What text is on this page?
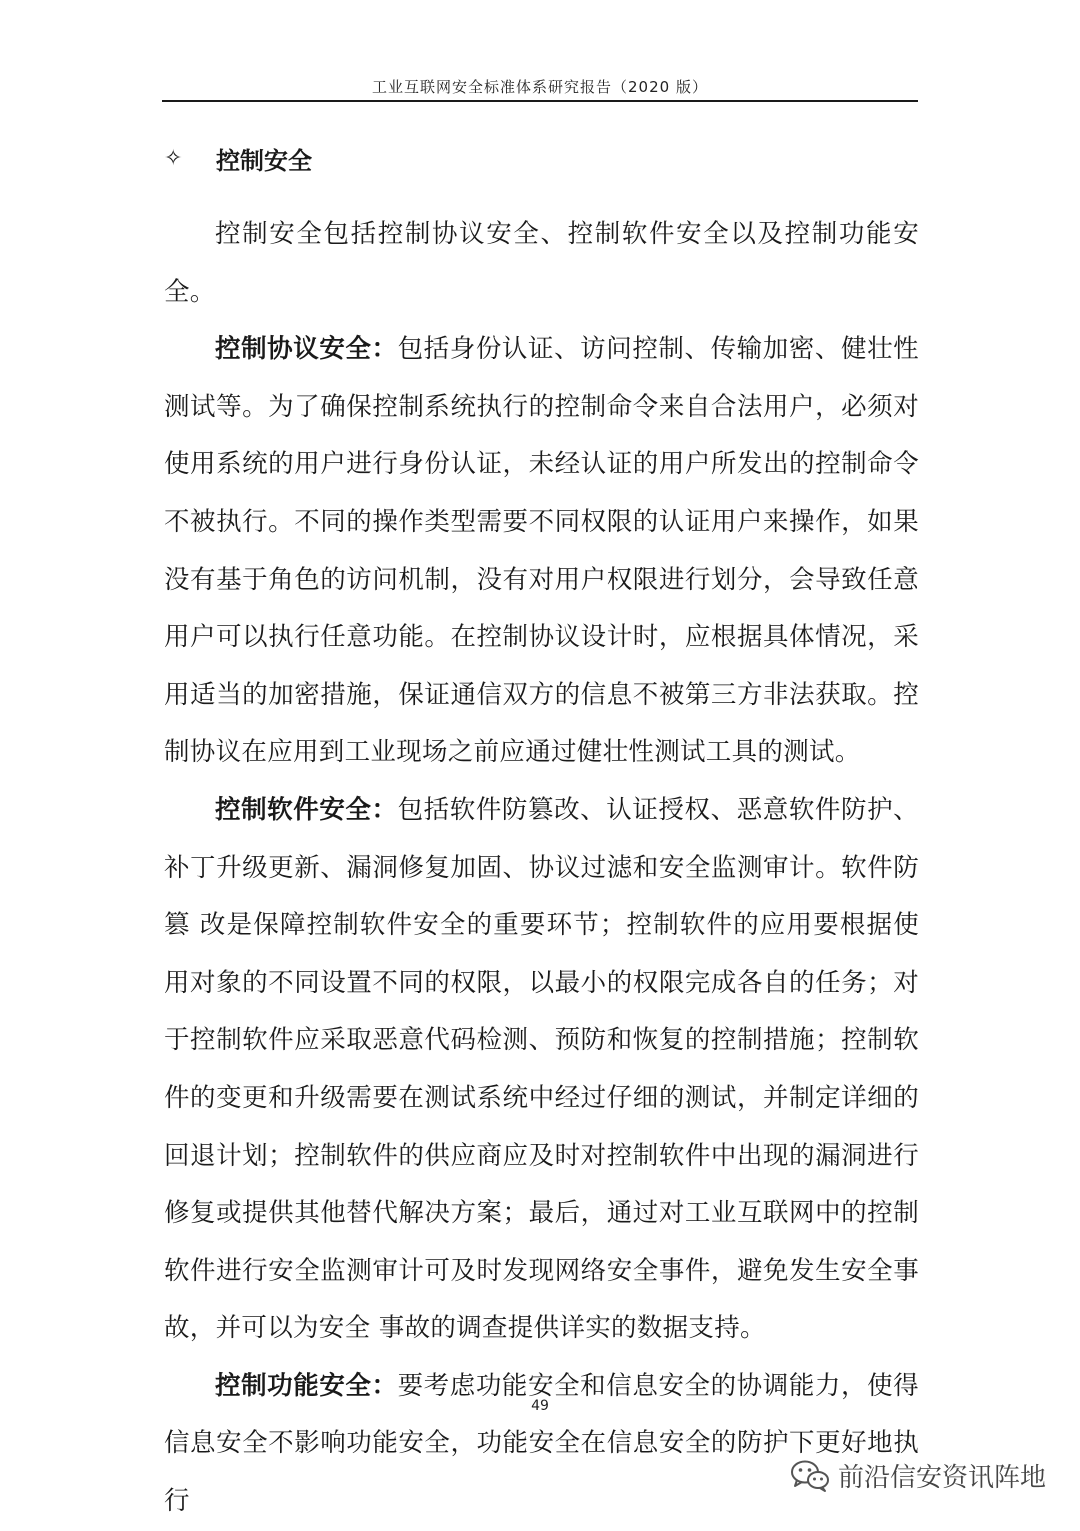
工业互联网安全标准体系研究报告（2020 版）
✧	控制安全

控制安全包括控制协议安全、控制软件安全以及控制功能安全。

控制协议安全：包括身份认证、访问控制、传输加密、健壮性测试等。为了确保控制系统执行的控制命令来自合法用户，必须对使用系统的用户进行身份认证，未经认证的用户所发出的控制命令不被执行。不同的操作类型需要不同权限的认证用户来操作，如果没有基于角色的访问机制，没有对用户权限进行划分，会导致任意用户可以执行任意功能。在控制协议设计时，应根据具体情况，采用适当的加密措施，保证通信双方的信息不被第三方非法获取。控制协议在应用到工业现场之前应通过健壮性测试工具的测试。

控制软件安全：包括软件防篡改、认证授权、恶意软件防护、补丁升级更新、漏洞修复加固、协议过滤和安全监测审计。软件防篡 改是保障控制软件安全的重要环节；控制软件的应用要根据使用对象的不同设置不同的权限，以最小的权限完成各自的任务；对于控制软件应采取恶意代码检测、预防和恢复的控制措施；控制软件的变更和升级需要在测试系统中经过仔细的测试，并制定详细的回退计划；控制软件的供应商应及时对控制软件中出现的漏洞进行修复或提供其他替代解决方案；最后，通过对工业互联网中的控制软件进行安全监测审计可及时发现网络安全事件，避免发生安全事故，并可以为安全 事故的调查提供详实的数据支持。

控制功能安全：要考虑功能安全和信息安全的协调能力，使得信息安全不影响功能安全，功能安全在信息安全的防护下更好地执行

49
前沿信安资讯阵地
